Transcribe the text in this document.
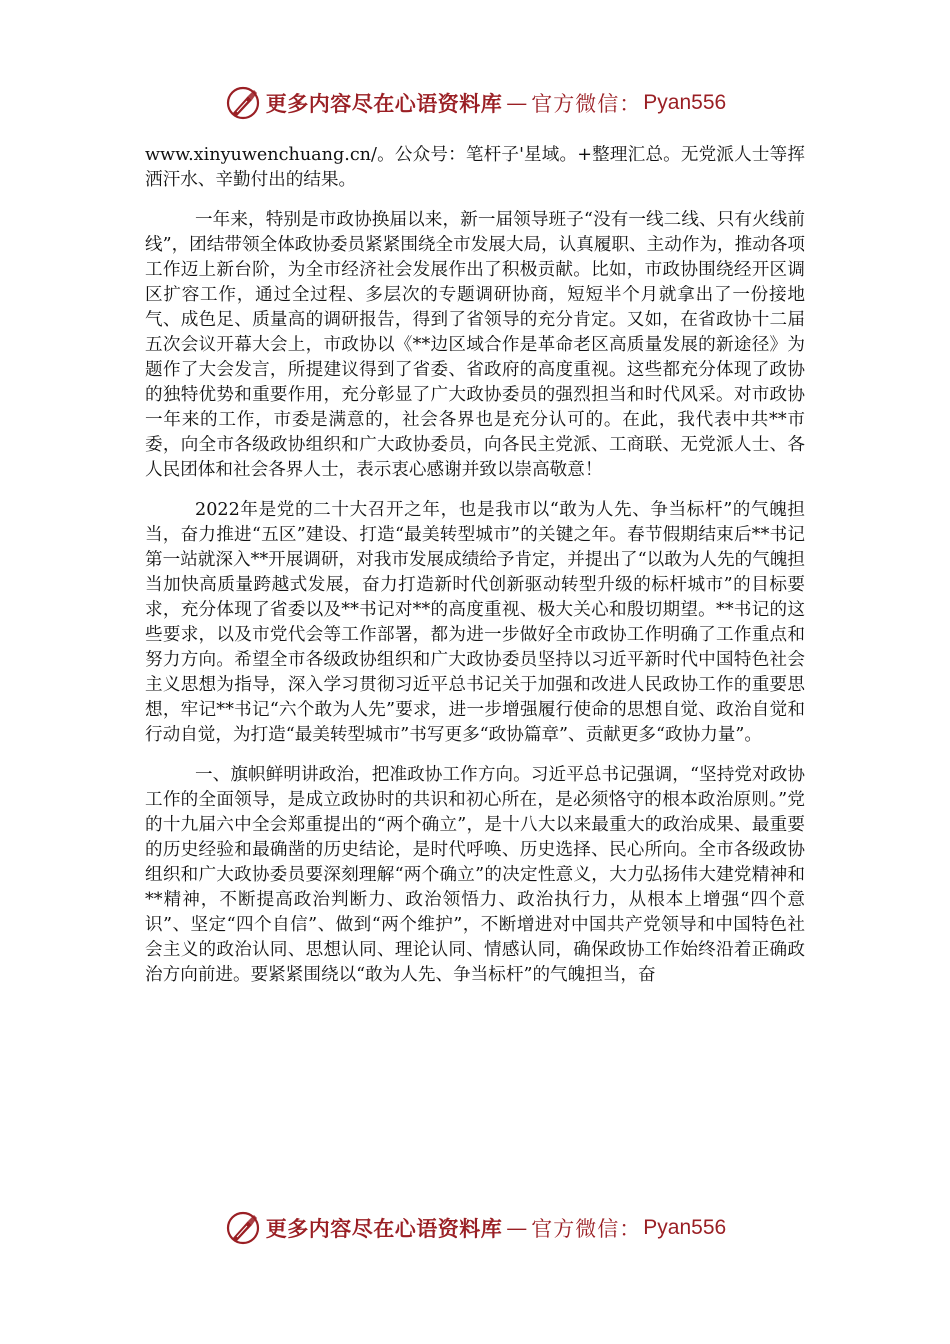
更多内容尽在心语资料库 — 官方微信： Pyan556

www.xinyuwenchuang.cn/。公众号：笔杆子'星域。+整理汇总。无党派人士等挥洒汗水、辛勤付出的结果。

一年来，特别是市政协换届以来，新一届领导班子“没有一线二线、只有火线前线”，团结带领全体政协委员紧紧围绕全市发展大局，认真履职、主动作为，推动各项工作迈上新台阶，为全市经济社会发展作出了积极贡献。比如，市政协围绕经开区调区扩容工作，通过全过程、多层次的专题调研协商，短短半个月就拿出了一份接地气、成色足、质量高的调研报告，得到了省领导的充分肯定。又如，在省政协十二届五次会议开幕大会上，市政协以《**边区域合作是革命老区高质量发展的新途径》为题作了大会发言，所提建议得到了省委、省政府的高度重视。这些都充分体现了政协的独特优势和重要作用，充分彰显了广大政协委员的强烈担当和时代风采。对市政协一年来的工作，市委是满意的，社会各界也是充分认可的。在此，我代表中共**市委，向全市各级政协组织和广大政协委员，向各民主党派、工商联、无党派人士、各人民团体和社会各界人士，表示衷心感谢并致以崇高敬意！

2022年是党的二十大召开之年，也是我市以“敢为人先、争当标杆”的气魄担当，奋力推进“五区”建设、打造“最美转型城市”的关键之年。春节假期结束后**书记第一站就深入**开展调研，对我市发展成绩给予肯定，并提出了“以敢为人先的气魄担当加快高质量跨越式发展，奋力打造新时代创新驱动转型升级的标杆城市”的目标要求，充分体现了省委以及**书记对**的高度重视、极大关心和殷切期望。**书记的这些要求，以及市党代会等工作部署，都为进一步做好全市政协工作明确了工作重点和努力方向。希望全市各级政协组织和广大政协委员坚持以习近平新时代中国特色社会主义思想为指导，深入学习贯彻习近平总书记关于加强和改进人民政协工作的重要思想，牢记**书记“六个敢为人先”要求，进一步增强履行使命的思想自觉、政治自觉和行动自觉，为打造“最美转型城市”书写更多“政协篇章”、贡献更多“政协力量”。

一、旗帜鲜明讲政治，把准政协工作方向。习近平总书记强调，“坚持党对政协工作的全面领导，是成立政协时的共识和初心所在，是必须恪守的根本政治原则。”党的十九届六中全会郑重提出的“两个确立”，是十八大以来最重大的政治成果、最重要的历史经验和最确凿的历史结论，是时代呼唤、历史选择、民心所向。全市各级政协组织和广大政协委员要深刻理解“两个确立”的决定性意义，大力弘扬伟大建党精神和**精神，不断提高政治判断力、政治领悟力、政治执行力，从根本上增强“四个意识”、坚定“四个自信”、做到“两个维护”，不断增进对中国共产党领导和中国特色社会主义的政治认同、思想认同、理论认同、情感认同，确保政协工作始终沿着正确政治方向前进。要紧紧围绕以“敢为人先、争当标杆”的气魄担当，奋

更多内容尽在心语资料库 — 官方微信： Pyan556
